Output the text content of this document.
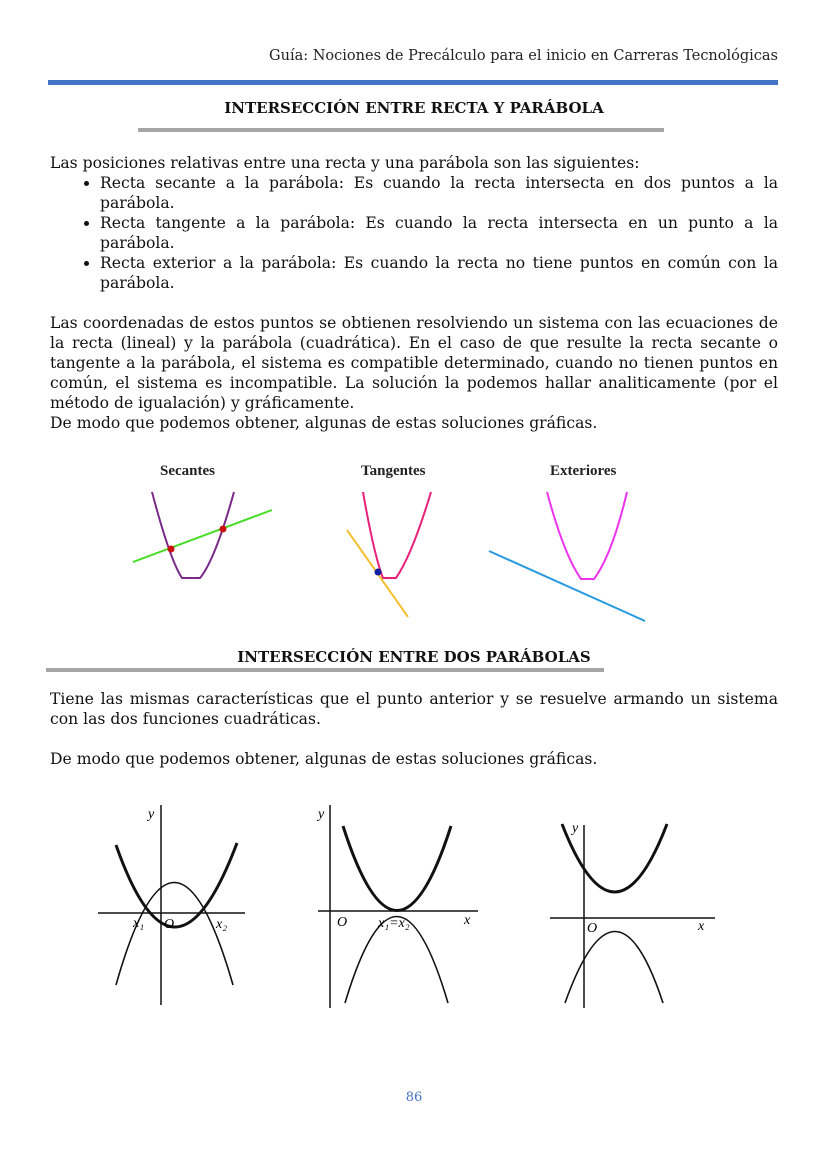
Guía: Nociones de Precálculo para el inicio en Carreras Tecnológicas
INTERSECCIÓN ENTRE RECTA Y PARÁBOLA

Las posiciones relativas entre una recta y una parábola son las siguientes:

• Recta secante a la parábola: Es cuando la recta intersecta en dos puntos a la parábola.
• Recta tangente a la parábola: Es cuando la recta intersecta en un punto a la parábola.
• Recta exterior a la parábola: Es cuando la recta no tiene puntos en común con la parábola.

Las coordenadas de estos puntos se obtienen resolviendo un sistema con las ecuaciones de la recta (lineal) y la parábola (cuadrática). En el caso de que resulte la recta secante o tangente a la parábola, el sistema es compatible determinado, cuando no tienen puntos en común, el sistema es incompatible. La solución la podemos hallar analiticamente (por el método de igualación) y gráficamente.

De modo que podemos obtener, algunas de estas soluciones gráficas.

Secantes	Tangentes	Exteriores
y
x₁ O	x₂
y
O x₁=x₂	x
y
O	x
INTERSECCIÓN ENTRE DOS PARÁBOLAS

Tiene las mismas características que el punto anterior y se resuelve armando un sistema con las dos funciones cuadráticas.

De modo que podemos obtener, algunas de estas soluciones gráficas.

86
